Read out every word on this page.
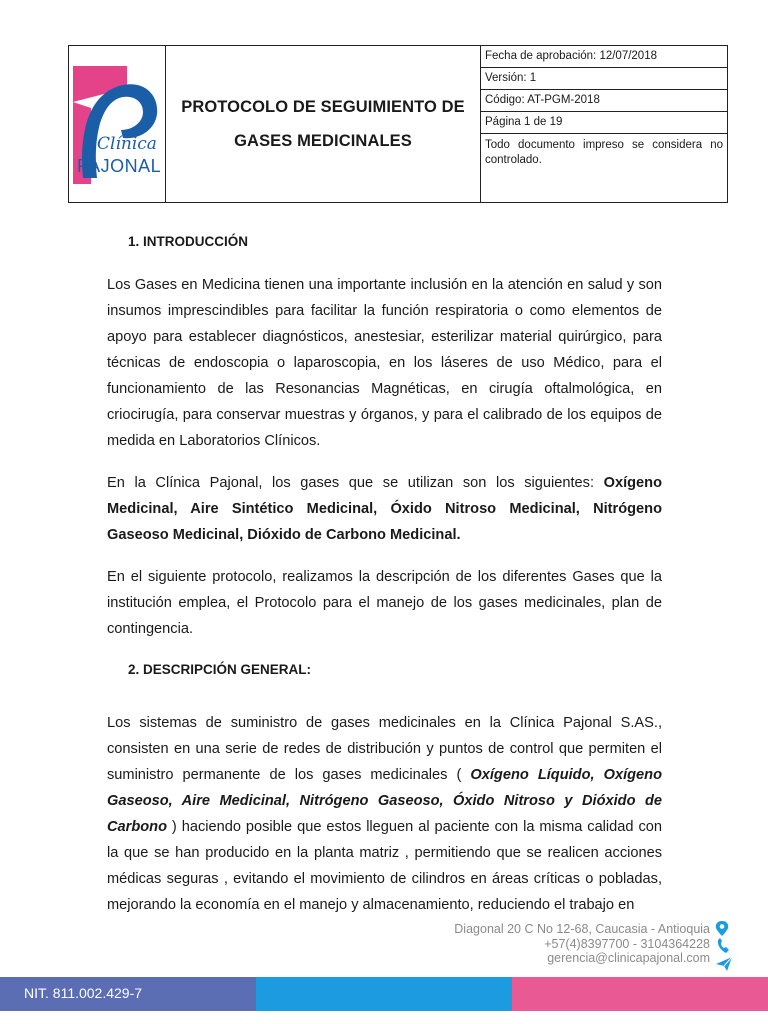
Clínica
PAJONAL
PROTOCOLO DE SEGUIMIENTO DE
GASES MEDICINALES
Fecha de aprobación: 12/07/2018
Versión: 1
Código: AT-PGM-2018
Página 1 de 19
Todo documento impreso se considera no controlado.
1. INTRODUCCIÓN
Los Gases en Medicina tienen una importante inclusión en la atención en salud y son insumos imprescindibles para facilitar la función respiratoria o como elementos de apoyo para establecer diagnósticos, anestesiar, esterilizar material quirúrgico, para técnicas de endoscopia o laparoscopia, en los láseres de uso Médico, para el funcionamiento de las Resonancias Magnéticas, en cirugía oftalmológica, en criocirugía, para conservar muestras y órganos, y para el calibrado de los equipos de medida en Laboratorios Clínicos.
En la Clínica Pajonal, los gases que se utilizan son los siguientes: Oxígeno Medicinal, Aire Sintético Medicinal, Óxido Nitroso Medicinal, Nitrógeno Gaseoso Medicinal, Dióxido de Carbono Medicinal.
En el siguiente protocolo, realizamos la descripción de los diferentes Gases que la institución emplea, el Protocolo para el manejo de los gases medicinales, plan de contingencia.
2. DESCRIPCIÓN GENERAL:
Los sistemas de suministro de gases medicinales en la Clínica Pajonal S.AS., consisten en una serie de redes de distribución y puntos de control que permiten el suministro permanente de los gases medicinales ( Oxígeno Líquido, Oxígeno Gaseoso, Aire Medicinal, Nitrógeno Gaseoso, Óxido Nitroso y Dióxido de Carbono ) haciendo posible que estos lleguen al paciente con la misma calidad con la que se han producido en la planta matriz , permitiendo que se realicen acciones médicas seguras , evitando el movimiento de cilindros en áreas críticas o pobladas, mejorando la economía en el manejo y almacenamiento, reduciendo el trabajo en
Diagonal 20 C No 12-68, Caucasia - Antioquia
+57(4)8397700 - 3104364228
gerencia@clinicapajonal.com
NIT. 811.002.429-7
